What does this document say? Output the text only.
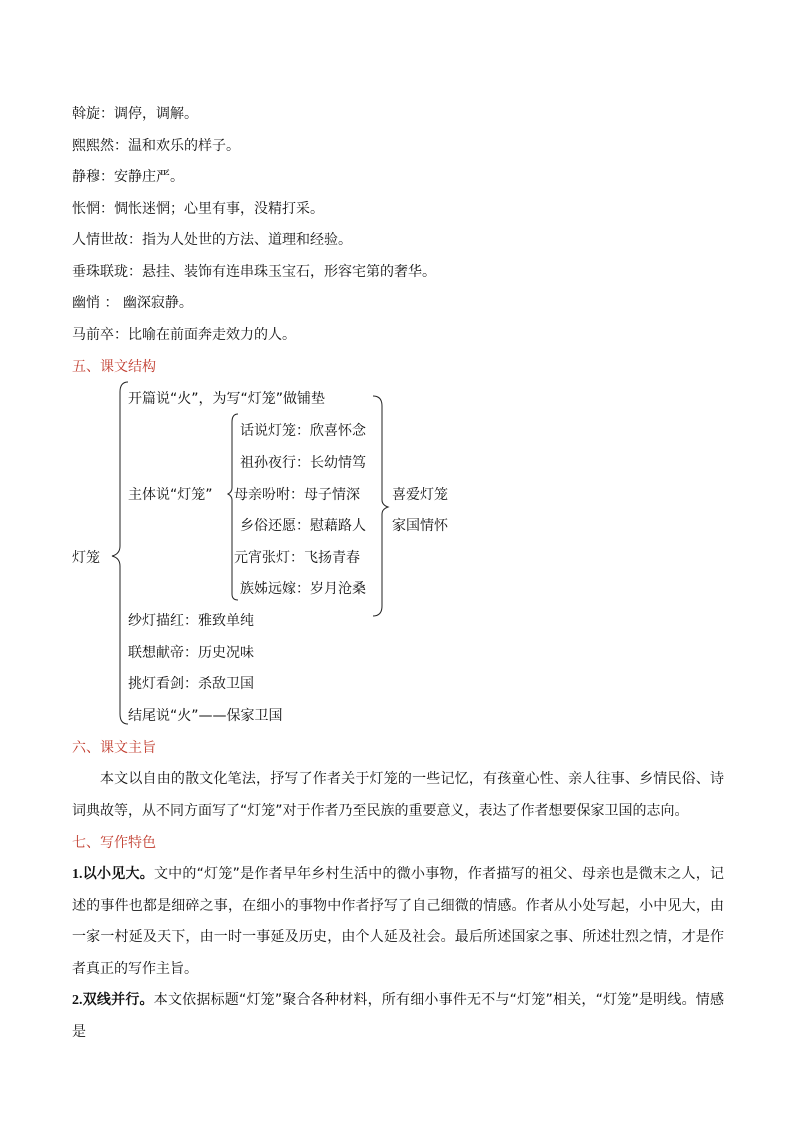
斡旋：调停，调解。
熙熙然：温和欢乐的样子。
静穆：安静庄严。
怅惘：惆怅迷惘；心里有事，没精打采。
人情世故：指为人处世的方法、道理和经验。
垂珠联珑：悬挂、装饰有连串珠玉宝石，形容宅第的奢华。
幽悄 ： 幽深寂静。
马前卒：比喻在前面奔走效力的人。
五、课文结构
灯笼
开篇说“火”，为写“灯笼”做铺垫
主体说“灯笼”
话说灯笼：欣喜怀念
祖孙夜行：长幼情笃
母亲吩咐：母子情深
乡俗还愿：慰藉路人
元宵张灯：飞扬青春
族姊远嫁：岁月沧桑
喜爱灯笼
家国情怀
纱灯描红：雅致单纯
联想献帝：历史况味
挑灯看剑：杀敌卫国
结尾说“火”——保家卫国
六、课文主旨
本文以自由的散文化笔法，抒写了作者关于灯笼的一些记忆，有孩童心性、亲人往事、乡情民俗、诗词典故等，从不同方面写了“灯笼”对于作者乃至民族的重要意义，表达了作者想要保家卫国的志向。
七、写作特色
1.以小见大。文中的“灯笼”是作者早年乡村生活中的微小事物，作者描写的祖父、母亲也是微末之人，记述的事件也都是细碎之事，在细小的事物中作者抒写了自己细微的情感。作者从小处写起，小中见大，由一家一村延及天下，由一时一事延及历史，由个人延及社会。最后所述国家之事、所述壮烈之情，才是作者真正的写作主旨。
2.双线并行。本文依据标题“灯笼”聚合各种材料，所有细小事件无不与“灯笼”相关，“灯笼”是明线。情感是
